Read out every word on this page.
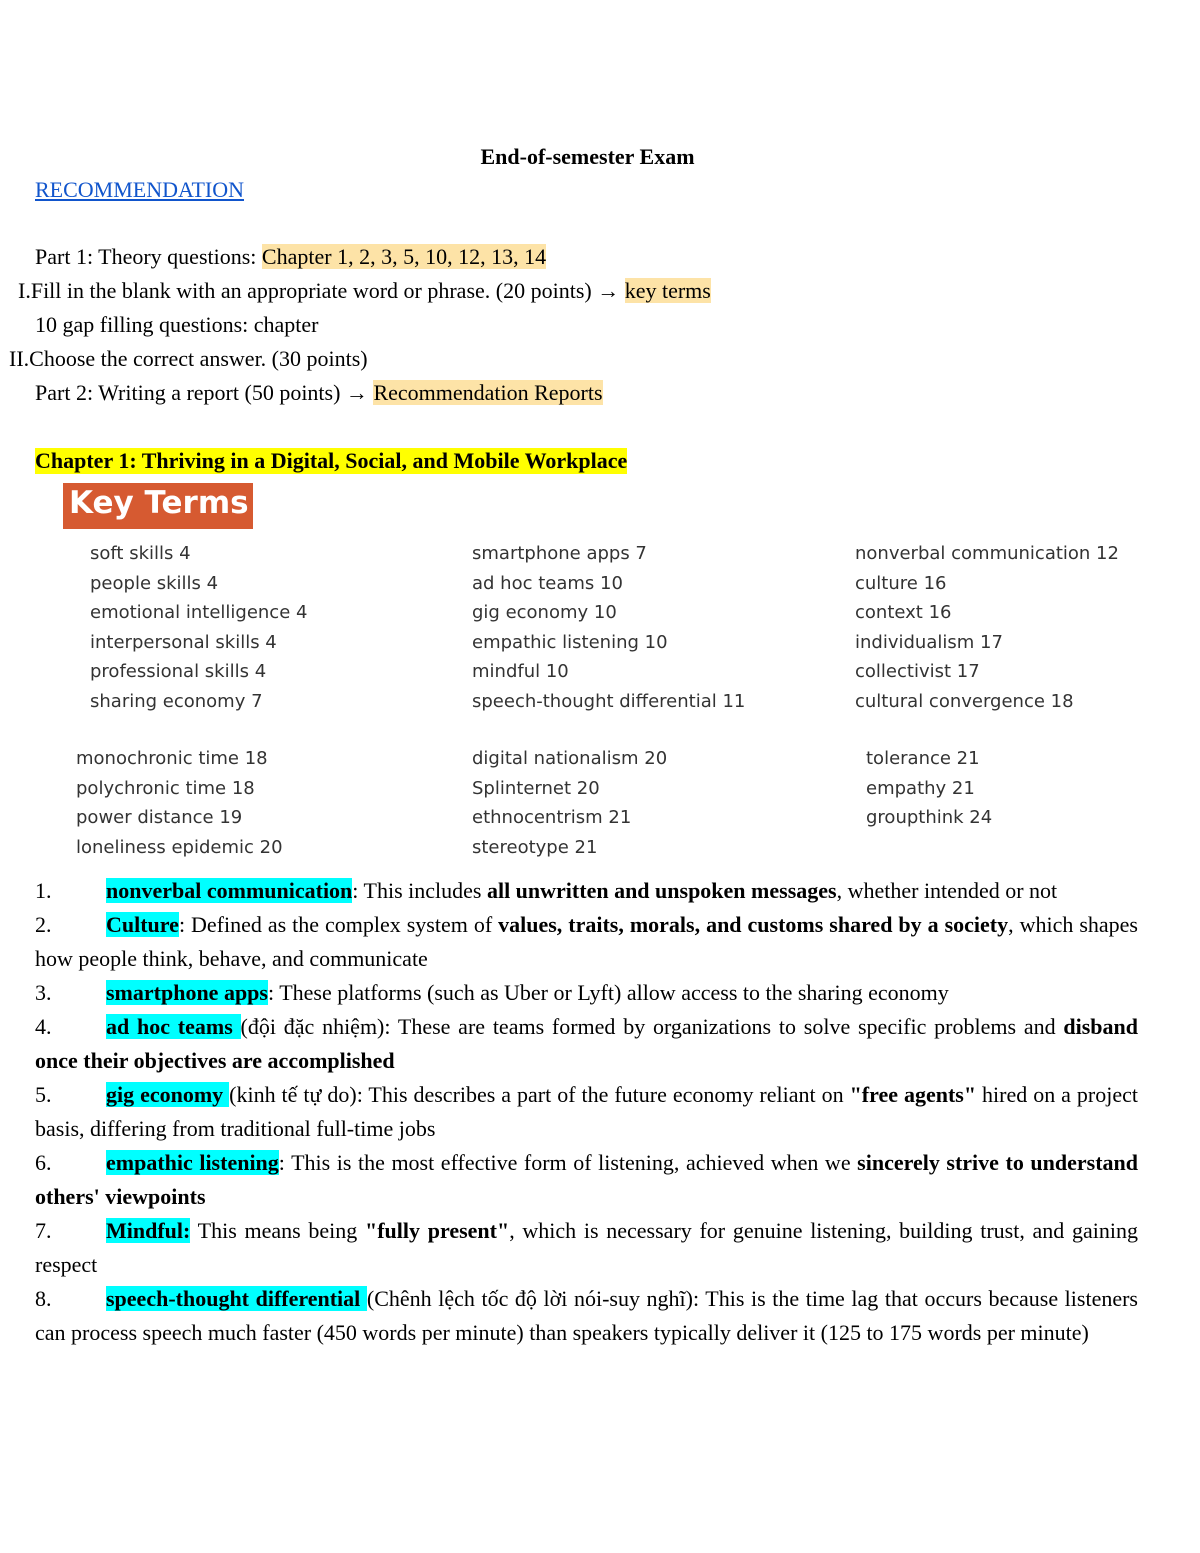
End-of-semester Exam
RECOMMENDATION
Part 1: Theory questions: Chapter 1, 2, 3, 5, 10, 12, 13, 14
I.Fill in the blank with an appropriate word or phrase. (20 points) → key terms
10 gap filling questions: chapter
II.Choose the correct answer. (30 points)
Part 2: Writing a report (50 points) → Recommendation Reports
Chapter 1: Thriving in a Digital, Social, and Mobile Workplace
Key Terms
soft skills 4
people skills 4
emotional intelligence 4
interpersonal skills 4
professional skills 4
sharing economy 7
smartphone apps 7
ad hoc teams 10
gig economy 10
empathic listening 10
mindful 10
speech-thought differential 11
nonverbal communication 12
culture 16
context 16
individualism 17
collectivist 17
cultural convergence 18
monochronic time 18
polychronic time 18
power distance 19
loneliness epidemic 20
digital nationalism 20
Splinternet 20
ethnocentrism 21
stereotype 21
tolerance 21
empathy 21
groupthink 24
1. nonverbal communication: This includes all unwritten and unspoken messages, whether intended or not
2. Culture: Defined as the complex system of values, traits, morals, and customs shared by a society, which shapes how people think, behave, and communicate
3. smartphone apps: These platforms (such as Uber or Lyft) allow access to the sharing economy
4. ad hoc teams (đội đặc nhiệm): These are teams formed by organizations to solve specific problems and disband once their objectives are accomplished
5. gig economy (kinh tế tự do): This describes a part of the future economy reliant on "free agents" hired on a project basis, differing from traditional full-time jobs
6. empathic listening: This is the most effective form of listening, achieved when we sincerely strive to understand others' viewpoints
7. Mindful: This means being "fully present", which is necessary for genuine listening, building trust, and gaining respect
8. speech-thought differential (Chênh lệch tốc độ lời nói-suy nghĩ): This is the time lag that occurs because listeners can process speech much faster (450 words per minute) than speakers typically deliver it (125 to 175 words per minute)
